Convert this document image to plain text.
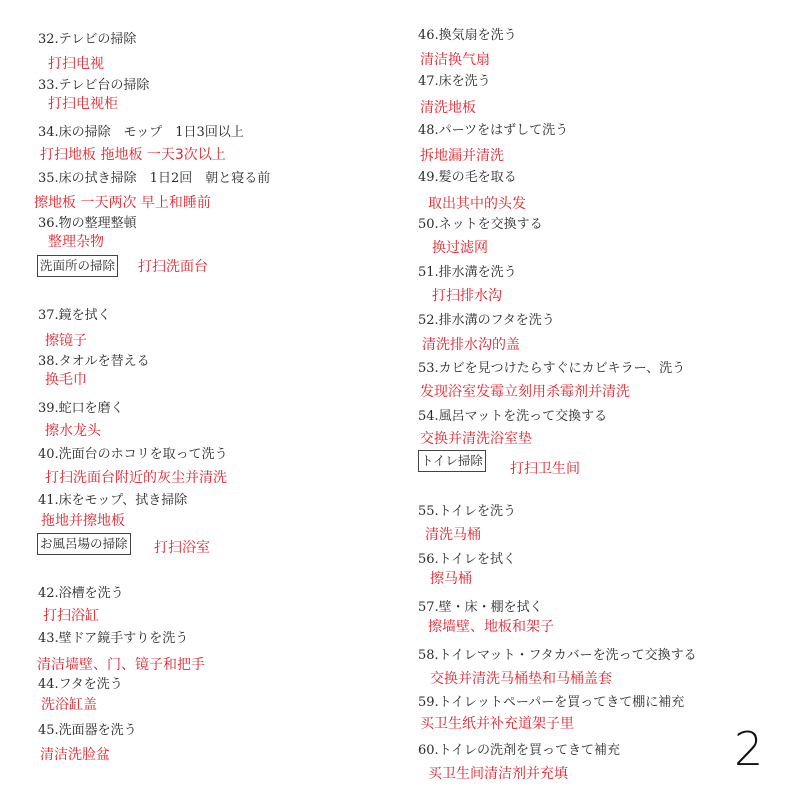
32.テレビの掃除
打扫电视
33.テレビ台の掃除
打扫电视柜
34.床の掃除　モップ　1日3回以上
打扫地板 拖地板 一天3次以上
35.床の拭き掃除　1日2回　朝と寝る前
擦地板 一天两次 早上和睡前
36.物の整理整頓
整理杂物
洗面所の掃除 打扫洗面台
37.鏡を拭く
擦镜子
38.タオルを替える
换毛巾
39.蛇口を磨く
擦水龙头
40.洗面台のホコリを取って洗う
打扫洗面台附近的灰尘并清洗
41.床をモップ、拭き掃除
拖地并擦地板
お風呂場の掃除 打扫浴室
42.浴槽を洗う
打扫浴缸
43.壁ドア鏡手すりを洗う
清洁墙壁、门、镜子和把手
44.フタを洗う
洗浴缸盖
45.洗面器を洗う
清洁洗脸盆
46.換気扇を洗う
清洁换气扇
47.床を洗う
清洗地板
48.パーツをはずして洗う
拆地漏并清洗
49.髪の毛を取る
取出其中的头发
50.ネットを交換する
换过滤网
51.排水溝を洗う
打扫排水沟
52.排水溝のフタを洗う
清洗排水沟的盖
53.カビを見つけたらすぐにカビキラー、洗う
发现浴室发霉立刻用杀霉剂并清洗
54.風呂マットを洗って交換する
交换并清洗浴室垫
トイレ掃除
打扫卫生间
55.トイレを洗う
清洗马桶
56.トイレを拭く
擦马桶
57.壁・床・棚を拭く
擦墙壁、地板和架子
58.トイレマット・フタカバーを洗って交換する
交换并清洗马桶垫和马桶盖套
59.トイレットペーパーを買ってきて棚に補充
买卫生纸并补充道架子里
60.トイレの洗剤を買ってきて補充
买卫生间清洁剂并充填	2
